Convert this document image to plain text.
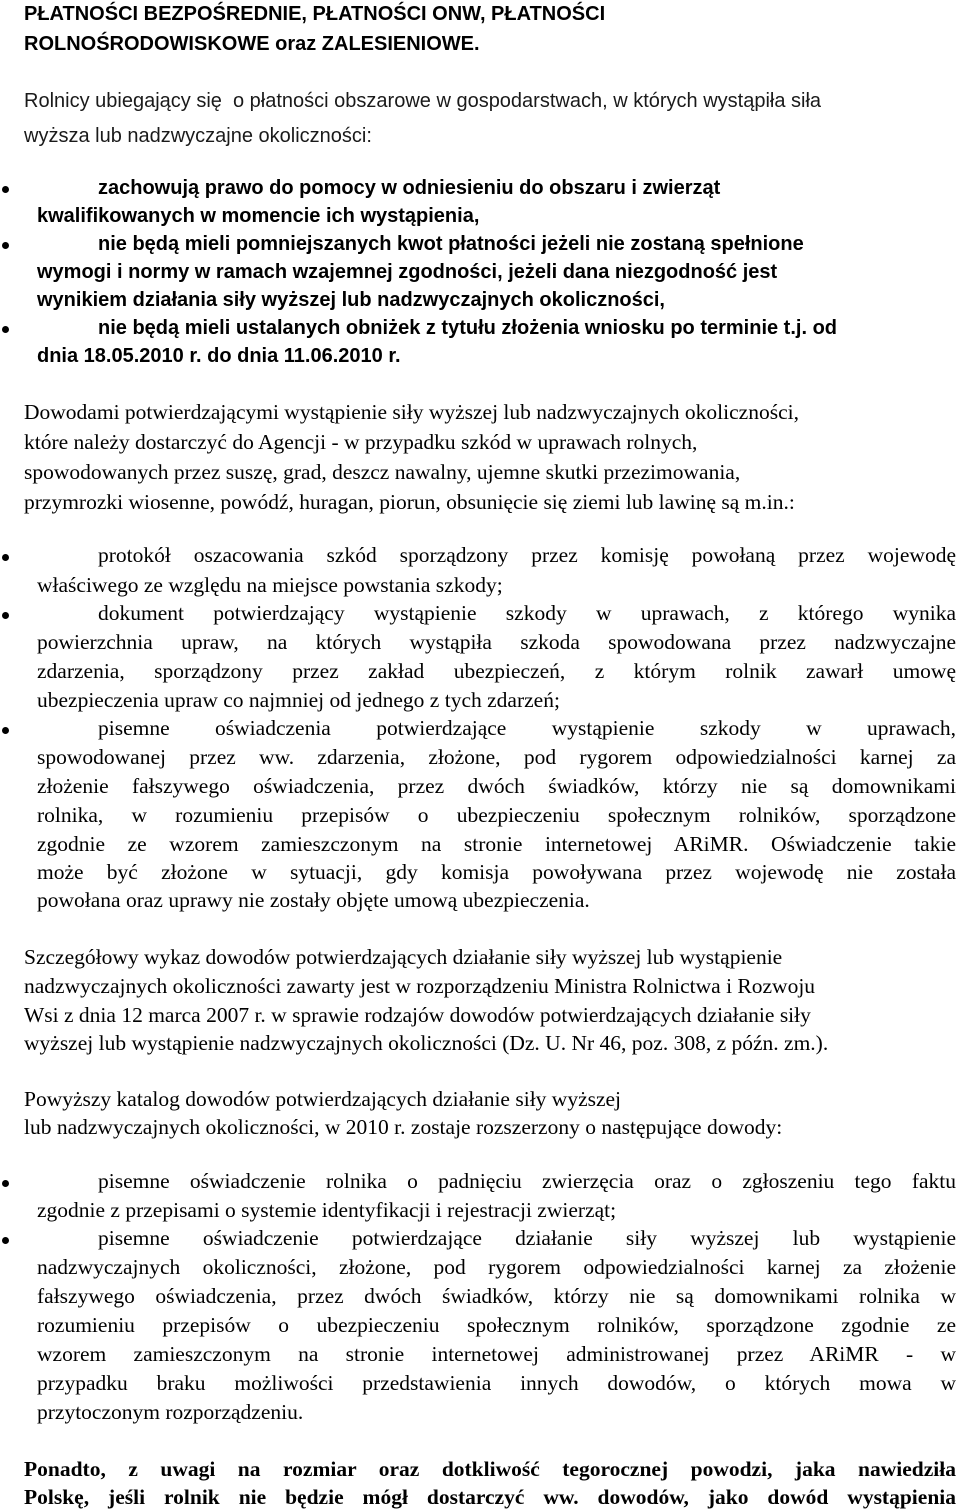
PŁATNOŚCI BEZPOŚREDNIE, PŁATNOŚCI ONW, PŁATNOŚCI
ROLNOŚRODOWISKOWE oraz ZALESIENIOWE.
Rolnicy ubiegający się  o płatności obszarowe w gospodarstwach, w których wystąpiła siła
wyższa lub nadzwyczajne okoliczności:
zachowują prawo do pomocy w odniesieniu do obszaru i zwierząt
kwalifikowanych w momencie ich wystąpienia,
nie będą mieli pomniejszanych kwot płatności jeżeli nie zostaną spełnione
wymogi i normy w ramach wzajemnej zgodności, jeżeli dana niezgodność jest
wynikiem działania siły wyższej lub nadzwyczajnych okoliczności,
nie będą mieli ustalanych obniżek z tytułu złożenia wniosku po terminie t.j. od
dnia 18.05.2010 r. do dnia 11.06.2010 r.
Dowodami potwierdzającymi wystąpienie siły wyższej lub nadzwyczajnych okoliczności,
które należy dostarczyć do Agencji - w przypadku szkód w uprawach rolnych,
spowodowanych przez suszę, grad, deszcz nawalny, ujemne skutki przezimowania,
przymrozki wiosenne, powódź, huragan, piorun, obsunięcie się ziemi lub lawinę są m.in.:
protokół oszacowania szkód sporządzony przez komisję powołaną przez wojewodę
właściwego ze względu na miejsce powstania szkody;
dokument potwierdzający wystąpienie szkody w uprawach, z którego wynika
powierzchnia upraw, na których wystąpiła szkoda spowodowana przez nadzwyczajne
zdarzenia, sporządzony przez zakład ubezpieczeń, z którym rolnik zawarł umowę
ubezpieczenia upraw co najmniej od jednego z tych zdarzeń;
pisemne oświadczenia potwierdzające wystąpienie szkody w uprawach,
spowodowanej przez ww. zdarzenia, złożone, pod rygorem odpowiedzialności karnej za
złożenie fałszywego oświadczenia, przez dwóch świadków, którzy nie są domownikami
rolnika, w rozumieniu przepisów o ubezpieczeniu społecznym rolników, sporządzone
zgodnie ze wzorem zamieszczonym na stronie internetowej ARiMR. Oświadczenie takie
może być złożone w sytuacji, gdy komisja powoływana przez wojewodę nie została
powołana oraz uprawy nie zostały objęte umową ubezpieczenia.
Szczegółowy wykaz dowodów potwierdzających działanie siły wyższej lub wystąpienie
nadzwyczajnych okoliczności zawarty jest w rozporządzeniu Ministra Rolnictwa i Rozwoju
Wsi z dnia 12 marca 2007 r. w sprawie rodzajów dowodów potwierdzających działanie siły
wyższej lub wystąpienie nadzwyczajnych okoliczności (Dz. U. Nr 46, poz. 308, z późn. zm.).
Powyższy katalog dowodów potwierdzających działanie siły wyższej
lub nadzwyczajnych okoliczności, w 2010 r. zostaje rozszerzony o następujące dowody:
pisemne oświadczenie rolnika o padnięciu zwierzęcia oraz o zgłoszeniu tego faktu
zgodnie z przepisami o systemie identyfikacji i rejestracji zwierząt;
pisemne oświadczenie potwierdzające działanie siły wyższej lub wystąpienie
nadzwyczajnych okoliczności, złożone, pod rygorem odpowiedzialności karnej za złożenie
fałszywego oświadczenia, przez dwóch świadków, którzy nie są domownikami rolnika w
rozumieniu przepisów o ubezpieczeniu społecznym rolników, sporządzone zgodnie ze
wzorem zamieszczonym na stronie internetowej administrowanej przez ARiMR - w
przypadku braku możliwości przedstawienia innych dowodów, o których mowa w
przytoczonym rozporządzeniu.
Ponadto, z uwagi na rozmiar oraz dotkliwość tegorocznej powodzi, jaka nawiedziła
Polskę, jeśli rolnik nie będzie mógł dostarczyć ww. dowodów, jako dowód wystąpienia
